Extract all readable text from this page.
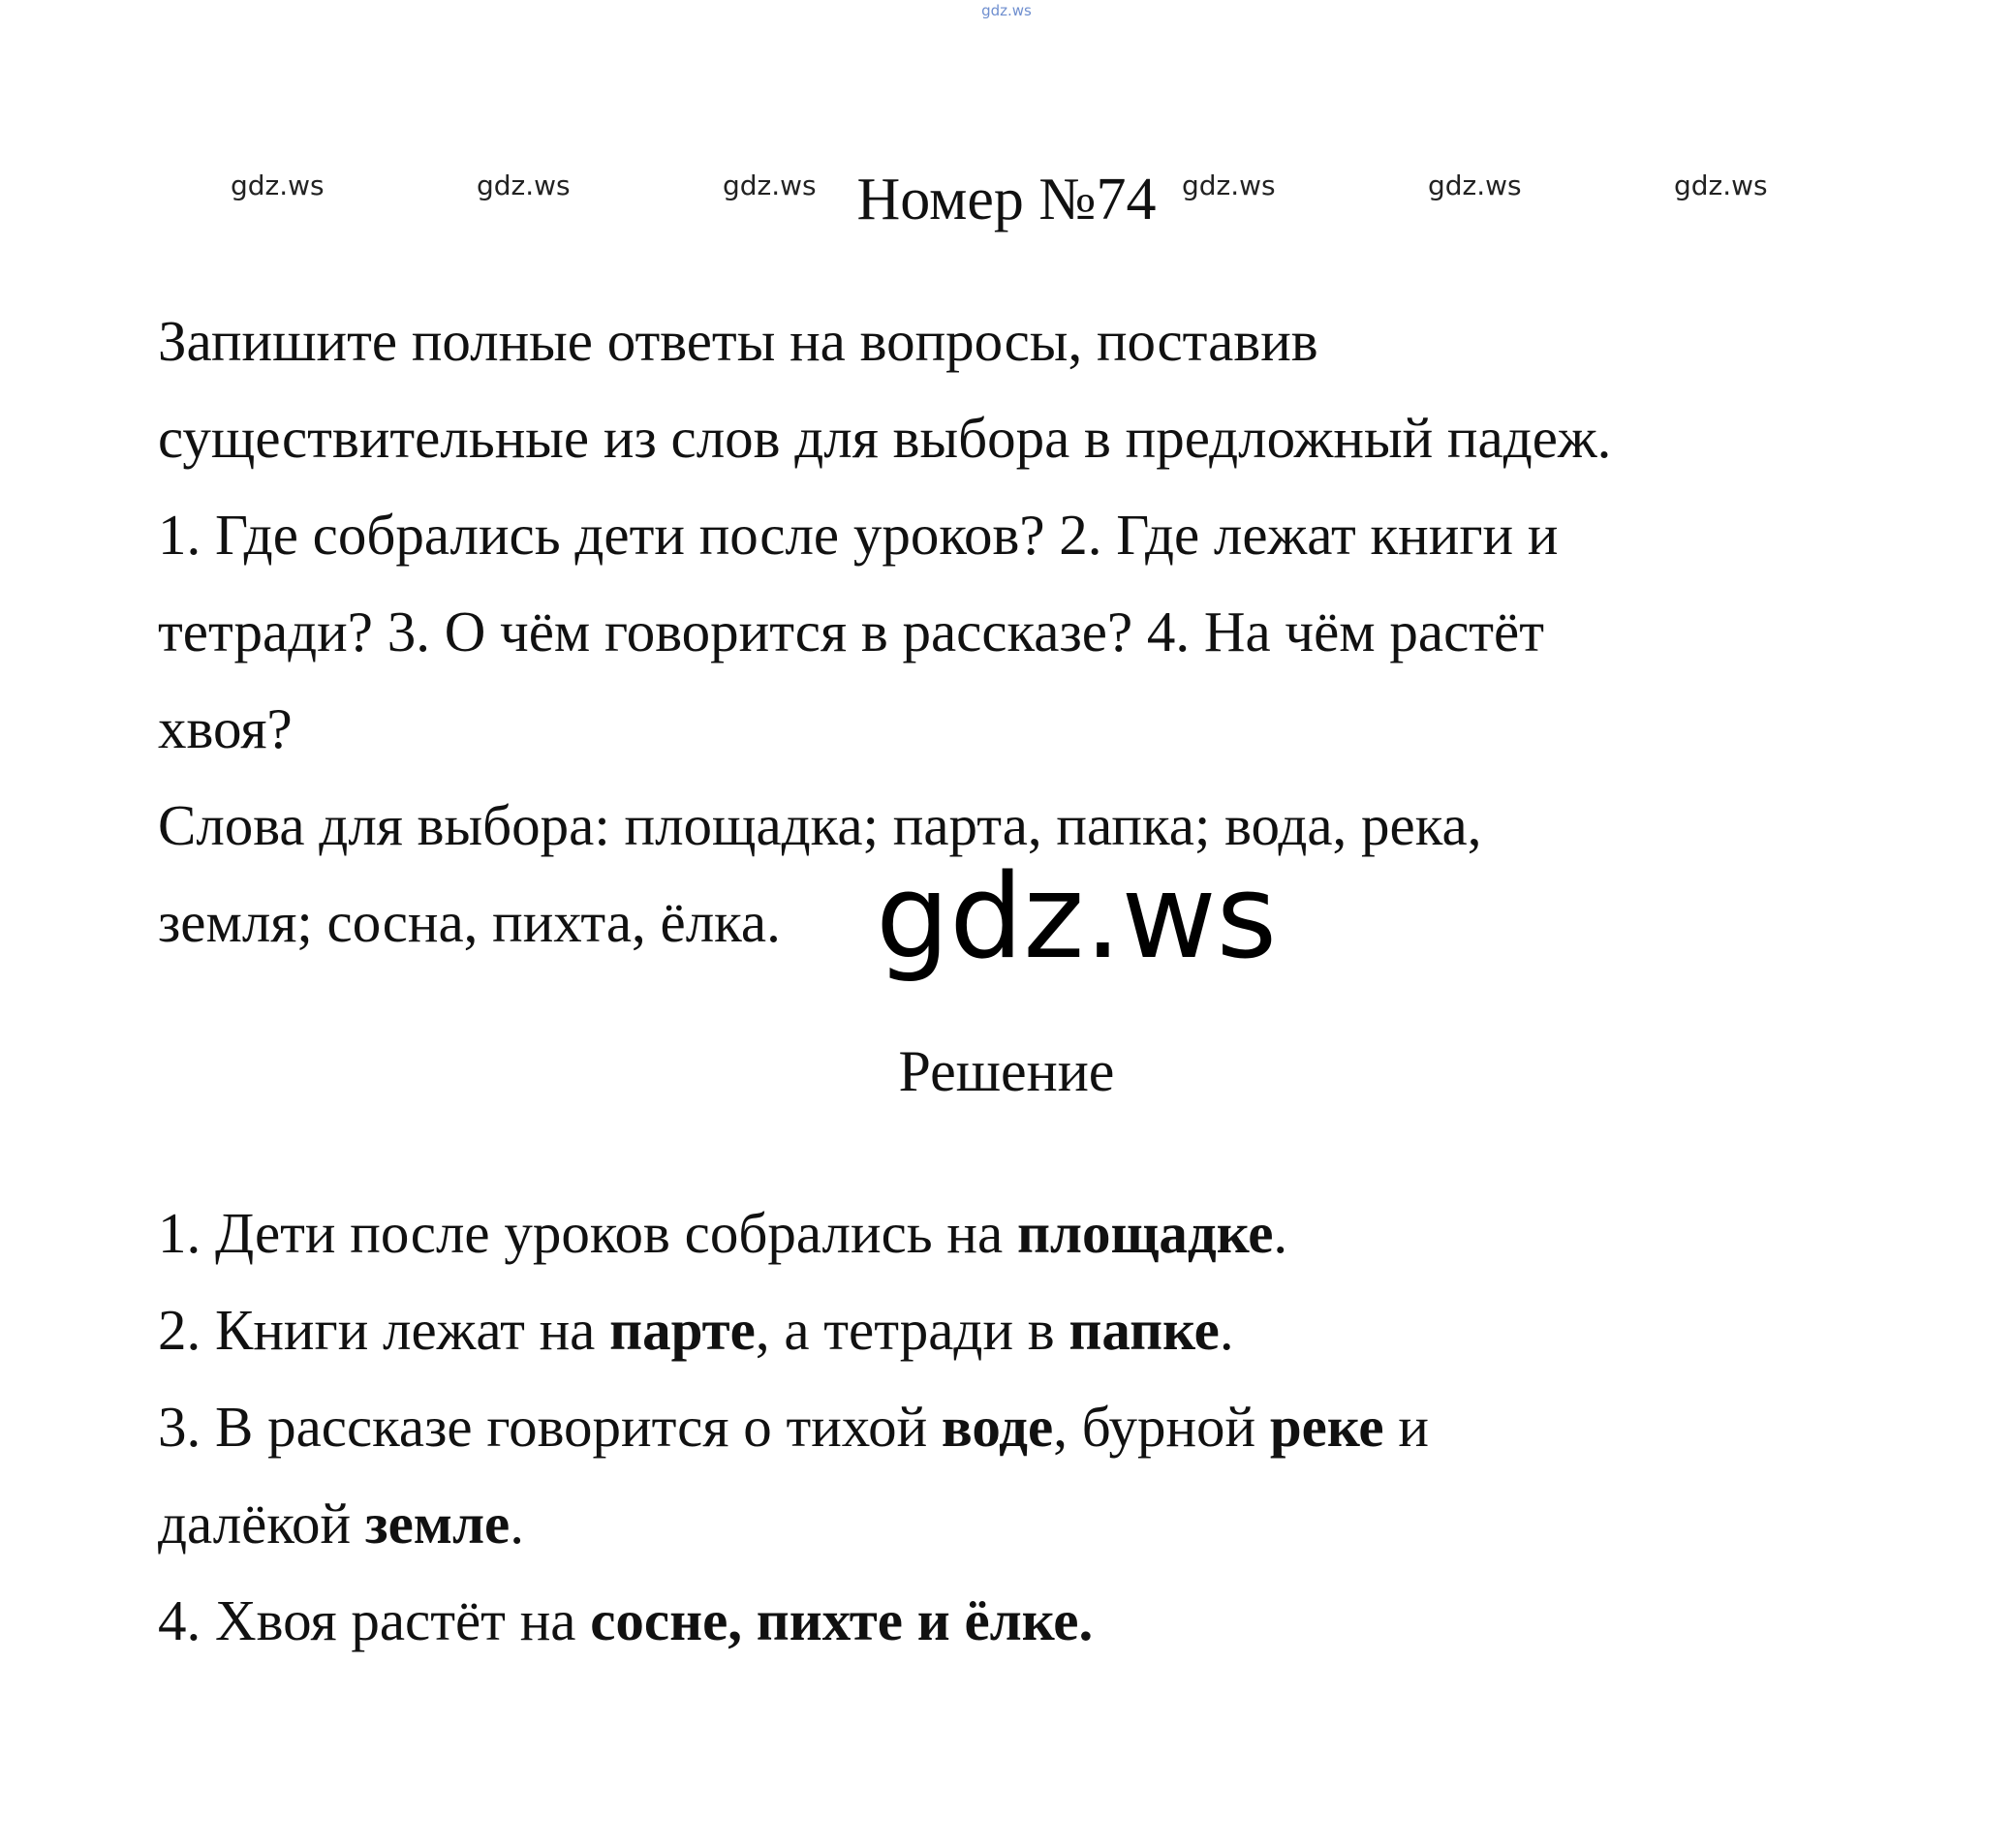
gdz.ws
gdz.ws	gdz.ws	gdz.ws	gdz.ws	gdz.ws	gdz.ws
Номер №74

Запишите полные ответы на вопросы, поставив

существительные из слов для выбора в предложный падеж.

1. Где собрались дети после уроков? 2. Где лежат книги и

тетради? 3. О чём говорится в рассказе? 4. На чём растёт

хвоя?

Слова для выбора: площадка; парта, папка; вода, река,

земля; сосна, пихта, ёлка. gdz.ws
Решение

1. Дети после уроков собрались на площадке.

2. Книги лежат на парте, а тетради в папке.

3. В рассказе говорится о тихой воде, бурной реке и

далёкой земле.

4. Хвоя растёт на сосне, пихте и ёлке.
